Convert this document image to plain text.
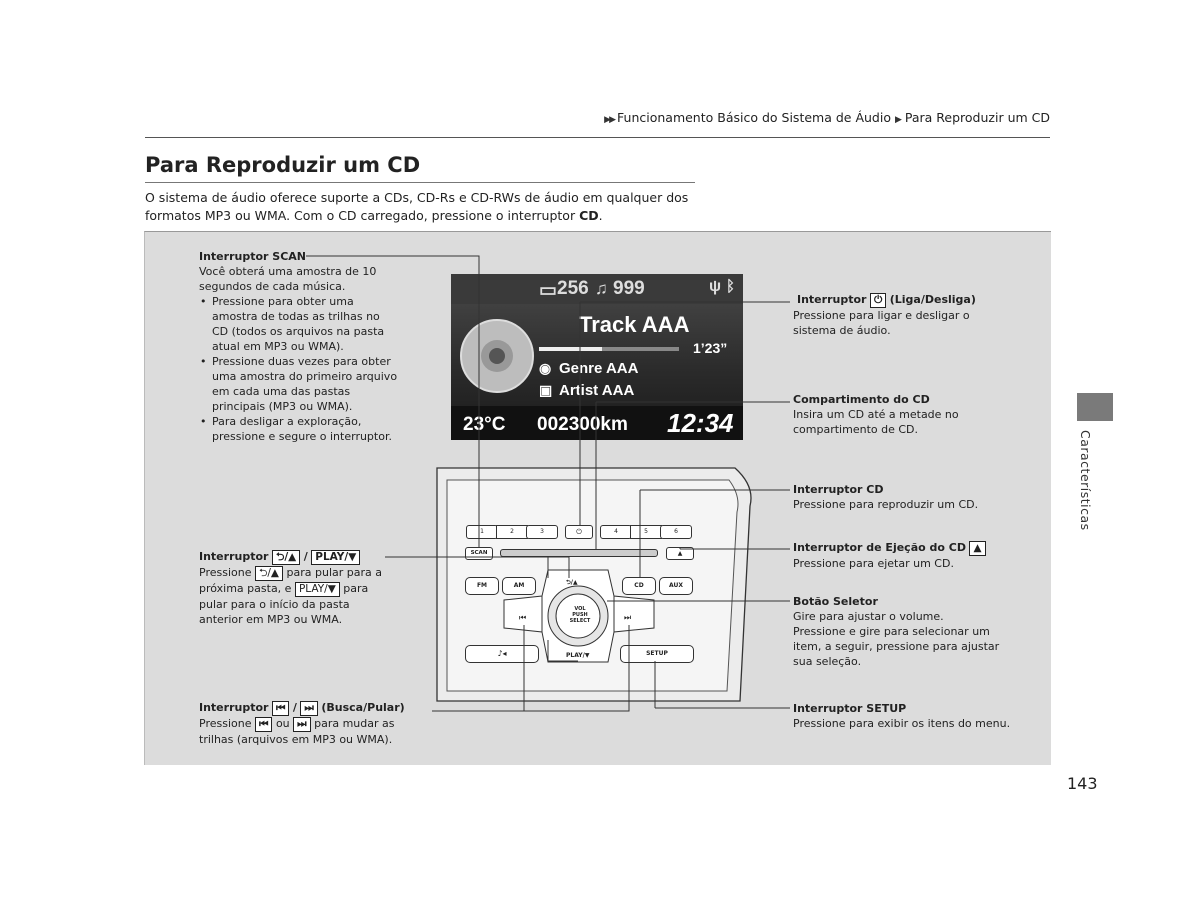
▶▶ Funcionamento Básico do Sistema de Áudio ▶ Para Reproduzir um CD
Para Reproduzir um CD
O sistema de áudio oferece suporte a CDs, CD-Rs e CD-RWs de áudio em qualquer dos formatos MP3 ou WMA. Com o CD carregado, pressione o interruptor CD.
▭ 256 ♫ 999	ψ ᛒ
Track AAA
1’23”
◉ Genre AAA
▣ Artist AAA
23°C 002300km 12:34
1	2	3	⏻	4	5	6
SCAN	▲
FM	AM	CD	AUX
⮌/▲
VOL
PUSH
SELECT
⏮	⏭
PLAY/▼
♪◂	SETUP
Interruptor SCAN
Você obterá uma amostra de 10 segundos de cada música.
• Pressione para obter uma amostra de todas as trilhas no CD (todos os arquivos na pasta atual em MP3 ou WMA).
• Pressione duas vezes para obter uma amostra do primeiro arquivo em cada uma das pastas principais (MP3 ou WMA).
• Para desligar a exploração, pressione e segure o interruptor.
Interruptor ⮌/▲ / PLAY/▼
Pressione ⮌/▲ para pular para a
próxima pasta, e PLAY/▼ para
pular para o início da pasta
anterior em MP3 ou WMA.
Interruptor ⏮ / ⏭ (Busca/Pular)
Pressione ⏮ ou ⏭ para mudar as
trilhas (arquivos em MP3 ou WMA).
Interruptor ⏻ (Liga/Desliga)
Pressione para ligar e desligar o sistema de áudio.
Compartimento do CD
Insira um CD até a metade no compartimento de CD.
Interruptor CD
Pressione para reproduzir um CD.
Interruptor de Ejeção do CD ▲
Pressione para ejetar um CD.
Botão Seletor
Gire para ajustar o volume.
Pressione e gire para selecionar um item, a seguir, pressione para ajustar sua seleção.
Interruptor SETUP
Pressione para exibir os itens do menu.
Características
143
